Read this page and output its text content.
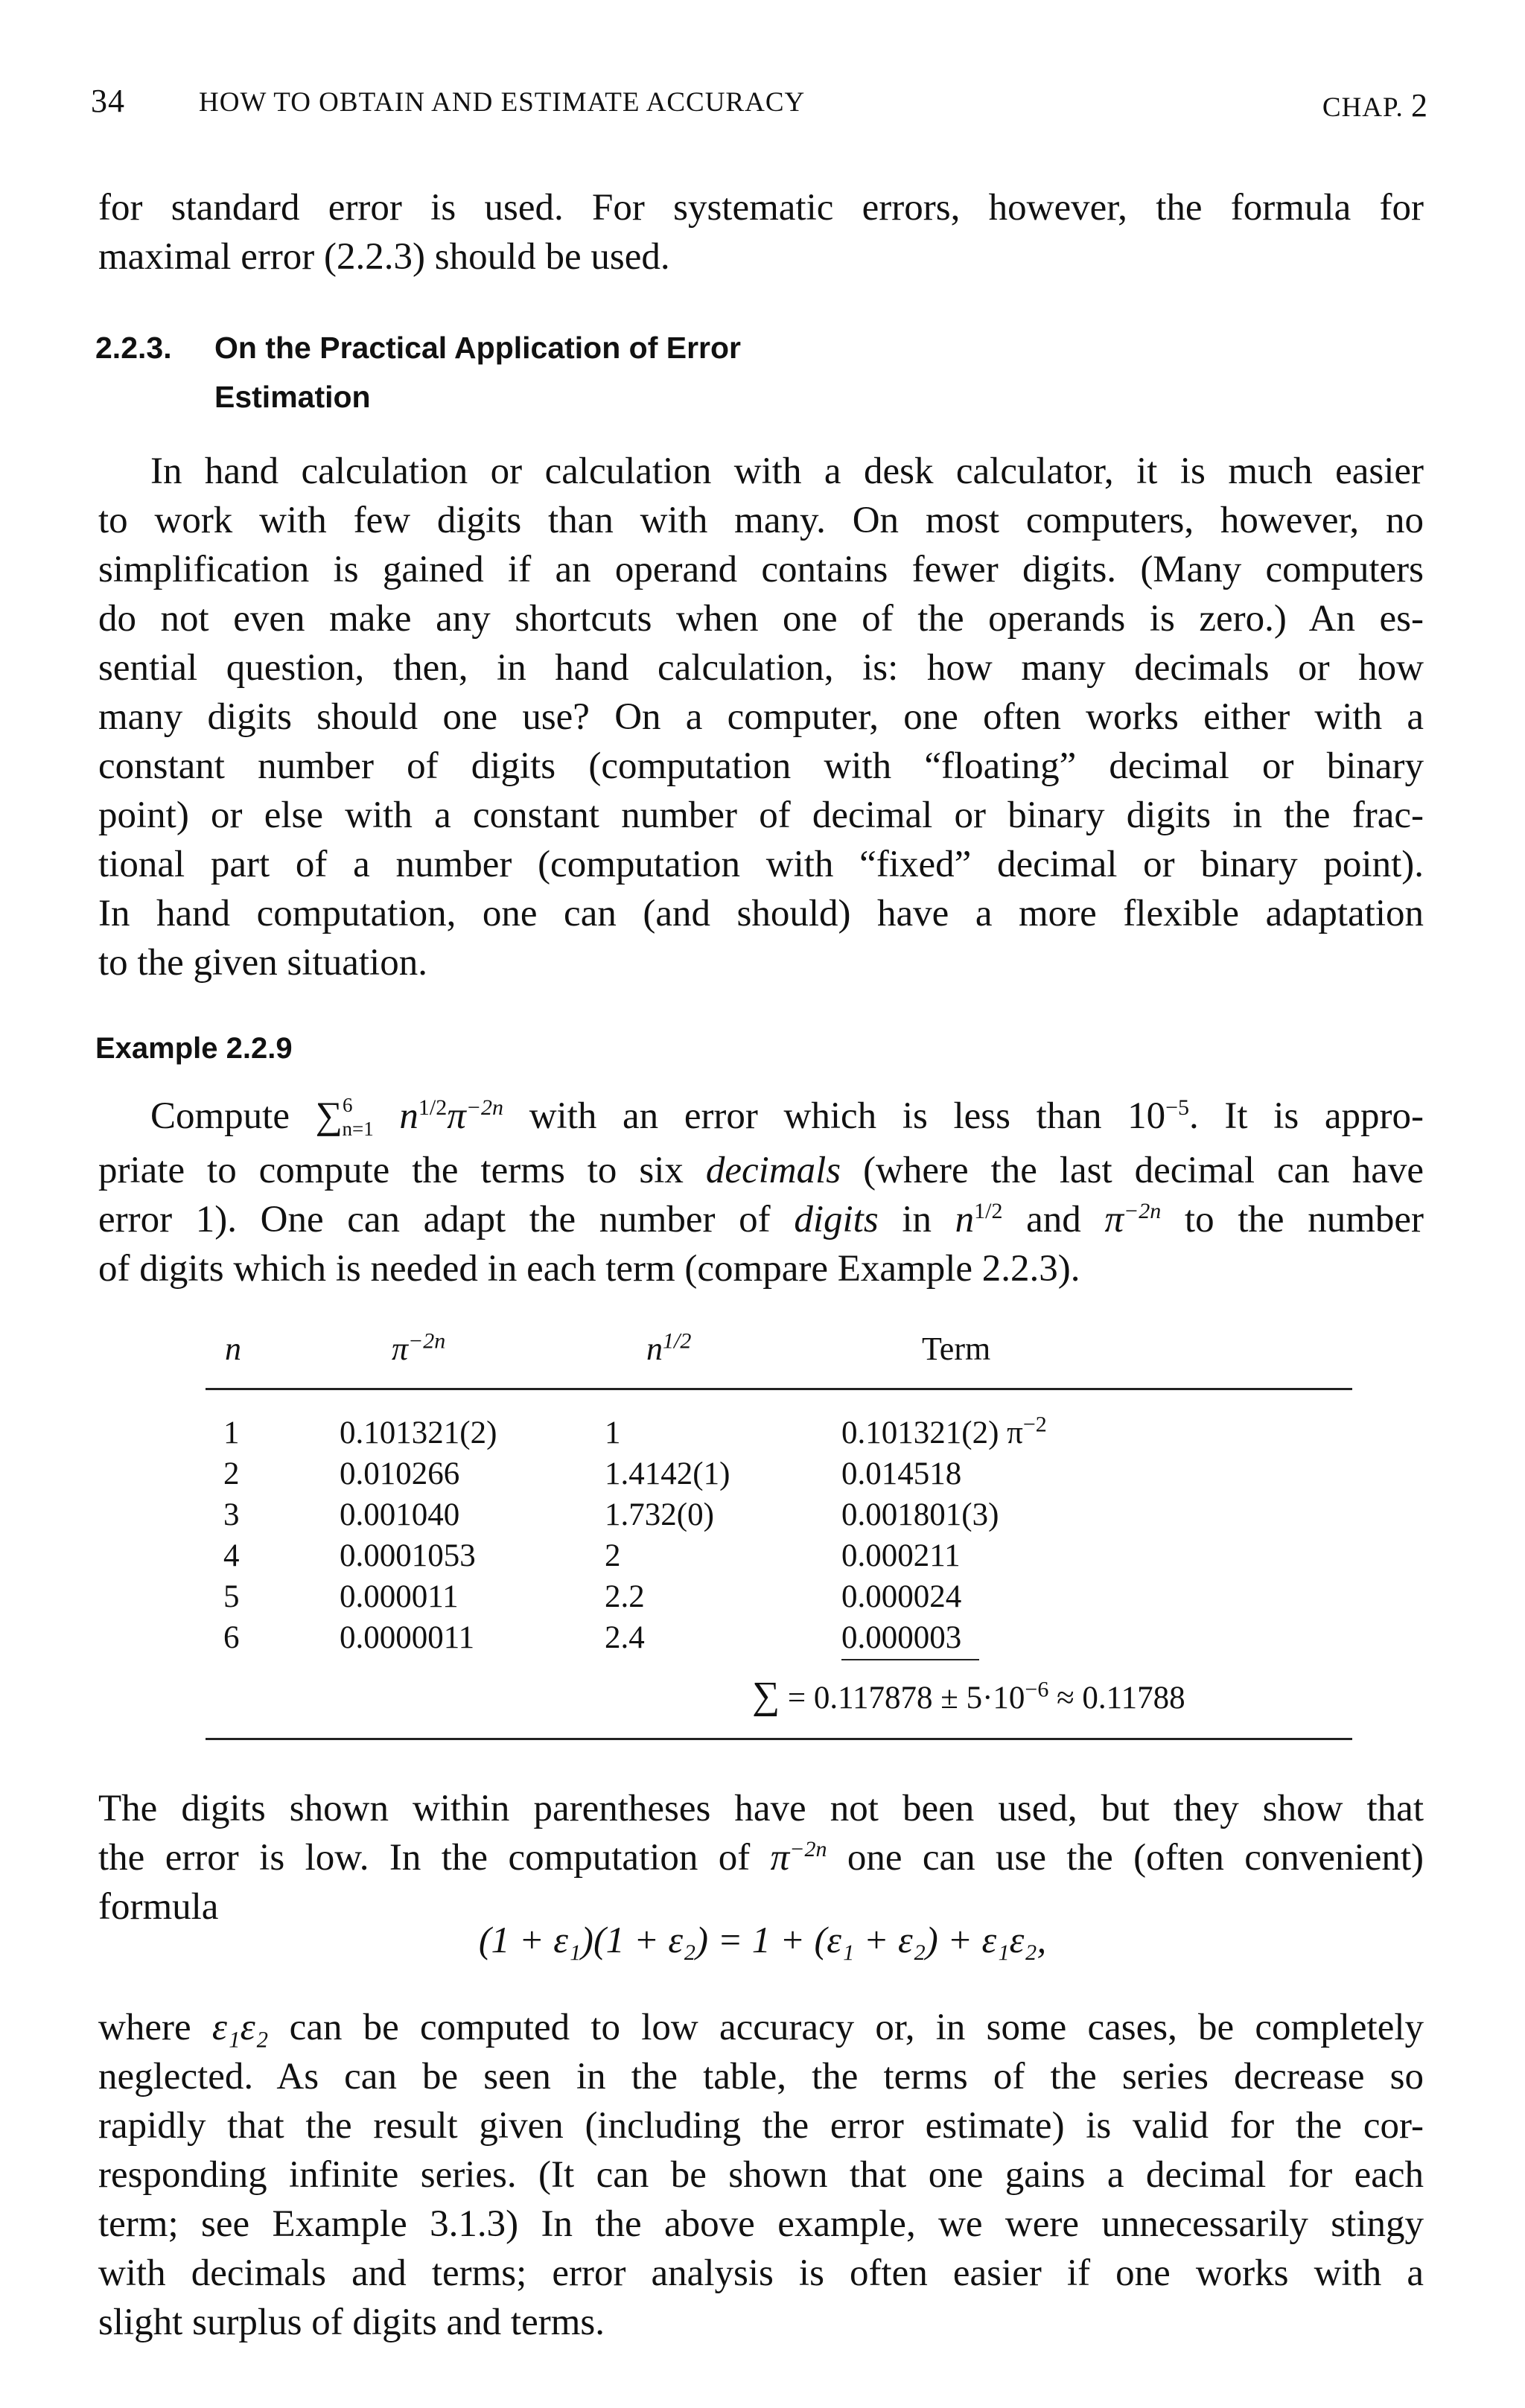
34	HOW TO OBTAIN AND ESTIMATE ACCURACY	CHAP. 2

for standard error is used. For systematic errors, however, the formula for
maximal error (2.2.3) should be used.

2.2.3. On the Practical Application of Error
Estimation

In hand calculation or calculation with a desk calculator, it is much easier
to work with few digits than with many. On most computers, however, no
simplification is gained if an operand contains fewer digits. (Many computers
do not even make any shortcuts when one of the operands is zero.) An es-
sential question, then, in hand calculation, is: how many decimals or how
many digits should one use? On a computer, one often works either with a
constant number of digits (computation with “floating” decimal or binary
point) or else with a constant number of decimal or binary digits in the frac-
tional part of a number (computation with “fixed” decimal or binary point).
In hand computation, one can (and should) have a more flexible adaptation
to the given situation.

Example 2.2.9

Compute ∑$^6$n=1 $n^{1/2}\pi^{-2n}$ with an error which is less than $10^{-5}$. It is appro-
priate to compute the terms to six decimals (where the last decimal can have
error 1). One can adapt the number of digits in $n^{1/2}$ and $\pi^{-2n}$ to the number
of digits which is needed in each term (compare Example 2.2.3).

n	$\pi^{-2n}$	$n^{1/2}$	Term
1	0.101321(2)	1	0.101321(2) $\pi^{-2}$
2	0.010266	1.4142(1)	0.014518
3	0.001040	1.732(0)	0.001801(3)
4	0.0001053	2	0.000211
5	0.000011	2.2	0.000024
6	0.0000011	2.4	0.000003
∑ = $0.117878 \pm 5\cdot 10^{-6} \approx 0.11788$

The digits shown within parentheses have not been used, but they show that
the error is low. In the computation of $\pi^{-2n}$ one can use the (often convenient)
formula

(1 + ε₁)(1 + ε₂) = 1 + (ε₁ + ε₂) + ε₁ε₂,

where ε₁ε₂ can be computed to low accuracy or, in some cases, be completely
neglected. As can be seen in the table, the terms of the series decrease so
rapidly that the result given (including the error estimate) is valid for the cor-
responding infinite series. (It can be shown that one gains a decimal for each
term; see Example 3.1.3) In the above example, we were unnecessarily stingy
with decimals and terms; error analysis is often easier if one works with a
slight surplus of digits and terms.
